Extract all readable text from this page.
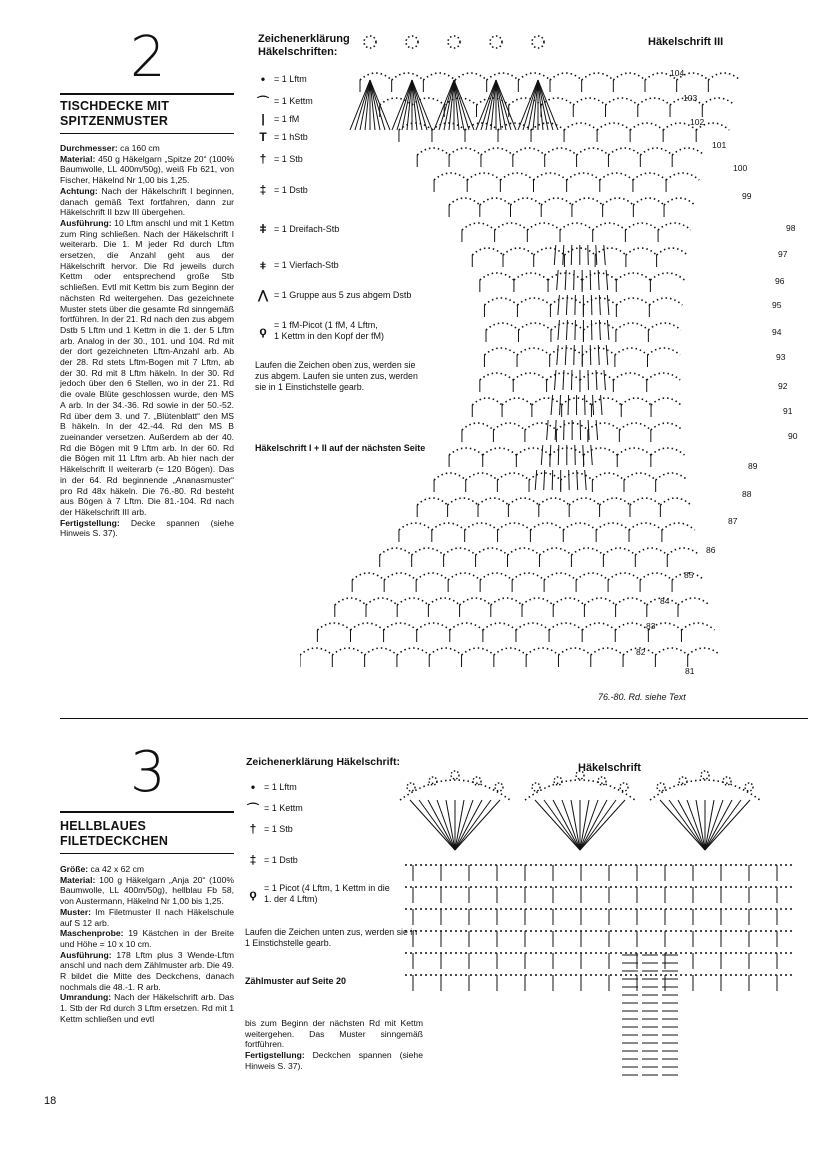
2
TISCHDECKE MIT
SPITZENMUSTER
Durchmesser: ca 160 cm
Material: 450 g Häkelgarn „Spitze 20“ (100% Baumwolle, LL 400m/50g), weiß Fb 621, von Fischer, Häkelnd Nr 1,00 bis 1,25.
Achtung: Nach der Häkelschrift I beginnen, danach gemäß Text fortfahren, dann zur Häkelschrift II bzw III übergehen.
Ausführung: 10 Lftm anschl und mit 1 Kettm zum Ring schließen. Nach der Häkelschrift I weiterarb. Die 1. M jeder Rd durch Lftm ersetzen, die Anzahl geht aus der Häkelschrift hervor. Die Rd jeweils durch Kettm oder entsprechend große Stb schließen. Evtl mit Kettm bis zum Beginn der nächsten Rd weitergehen. Das gezeichnete Muster stets über die gesamte Rd sinngemäß fortführen. In der 21. Rd nach den zus abgem Dstb 5 Lftm und 1 Kettm in die 1. der 5 Lftm arb. Analog in der 30., 101. und 104. Rd mit der dort gezeichneten Lftm-Anzahl arb. Ab der 28. Rd stets Lftm-Bogen mit 7 Lftm, ab der 30. Rd mit 8 Lftm häkeln. In der 30. Rd jedoch über den 6 Stellen, wo in der 21. Rd die ovale Blüte geschlossen wurde, den MS A arb. In der 34.-36. Rd sowie in der 50.-52. Rd über dem 3. und 7. „Blütenblatt“ den MS B häkeln. In der 42.-44. Rd den MS B zueinander versetzen. Außerdem ab der 40. Rd die Bögen mit 9 Lftm arb. In der 60. Rd die Bögen mit 11 Lftm arb. Ab hier nach der Häkelschrift II weiterarb (= 120 Bögen). Das in der 64. Rd beginnende „Ananasmuster“ pro Rd 48x häkeln. Die 76.-80. Rd besteht aus Bögen à 7 Lftm. Die 81.-104. Rd nach der Häkelschrift III arb.
Fertigstellung: Decke spannen (siehe Hinweis S. 37).
Zeichenerklärung Häkelschriften:
• = 1 Lftm
⌒ = 1 Kettm
|	= 1 fM
T = 1 hStb
† = 1 Stb
‡ = 1 Dstb
ǂ = 1 Dreifach-Stb
⧧ = 1 Vierfach-Stb
⋀ = 1 Gruppe aus 5 zus abgem Dstb
ϙ = 1 fM-Picot (1 fM, 4 Lftm,
1 Kettm in den Kopf der fM)
Laufen die Zeichen oben zus, werden sie zus abgem. Laufen sie unten zus, werden sie in 1 Einstichstelle gearb.
Häkelschrift I + II auf der nächsten Seite
Häkelschrift III
104
103
102
101
100
99
98
97
96
95
94
93
92
91
90
89
88
87
86
85
84
83
82
81
76.-80. Rd. siehe Text
3
HELLBLAUES
FILETDECKCHEN
Größe: ca 42 x 62 cm
Material: 100 g Häkelgarn „Anja 20“ (100% Baumwolle, LL 400m/50g), hellblau Fb 58, von Austermann, Häkelnd Nr 1,00 bis 1,25.
Muster: Im Filetmuster II nach Häkelschule auf S 12 arb.
Maschenprobe: 19 Kästchen in der Breite und Höhe = 10 x 10 cm.
Ausführung: 178 Lftm plus 3 Wende-Lftm anschl und nach dem Zählmuster arb. Die 49. R bildet die Mitte des Deckchens, danach nochmals die 48.-1. R arb.
Umrandung: Nach der Häkelschrift arb. Das 1. Stb der Rd durch 3 Lftm ersetzen. Rd mit 1 Kettm schließen und evtl
Zeichenerklärung Häkelschrift:
• = 1 Lftm
⌒ = 1 Kettm
† = 1 Stb
‡ = 1 Dstb
ϙ = 1 Picot (4 Lftm, 1 Kettm in die
1. der 4 Lftm)
Laufen die Zeichen unten zus, werden sie in 1 Einstichstelle gearb.
Zählmuster auf Seite 20
bis zum Beginn der nächsten Rd mit Kettm weitergehen. Das Muster sinngemäß fortführen.
Fertigstellung: Deckchen spannen (siehe Hinweis S. 37).
Häkelschrift
18
